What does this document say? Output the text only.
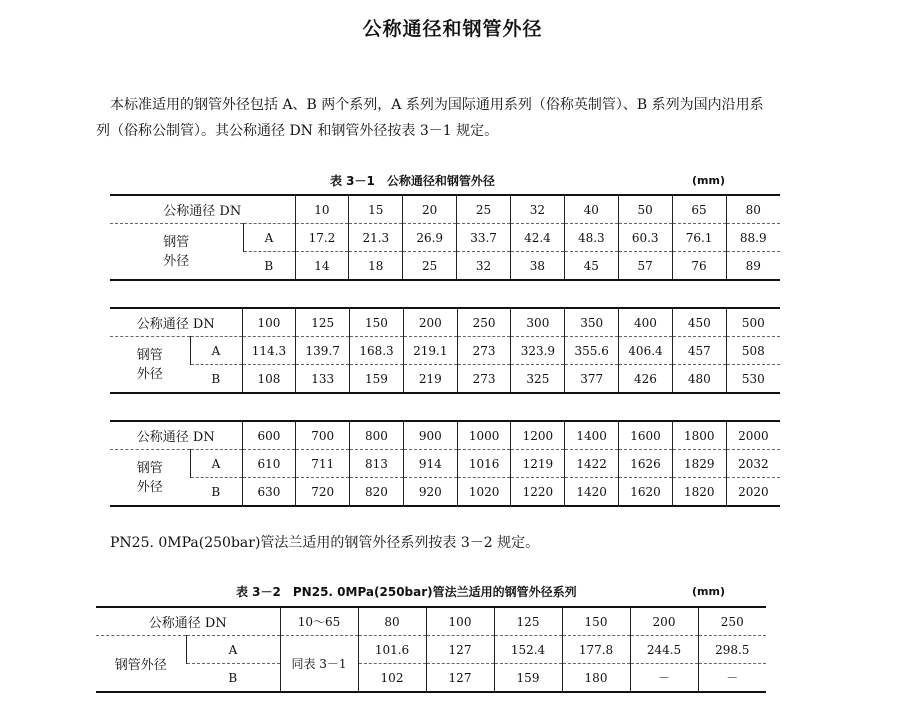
公称通径和钢管外径

本标准适用的钢管外径包括 A、B 两个系列，A 系列为国际通用系列（俗称英制管）、B 系列为国内沿用系列（俗称公制管）。其公称通径 DN 和钢管外径按表 3－1 规定。

表 3－1　公称通径和钢管外径	(mm)
公称通径 DN		10	15	20	25	32	40	50	65	80

钢管
外径	A	17.2	21.3	26.9	33.7	42.4	48.3	60.3	76.1	88.9
	B	14	18	25	32	38	45	57	76	89
公称通径 DN		100	125	150	200	250	300	350	400	450	500

钢管
外径	A	114.3	139.7	168.3	219.1	273	323.9	355.6	406.4	457	508
	B	108	133	159	219	273	325	377	426	480	530
公称通径 DN		600	700	800	900	1000	1200	1400	1600	1800	2000

钢管
外径	A	610	711	813	914	1016	1219	1422	1626	1829	2032
	B	630	720	820	920	1020	1220	1420	1620	1820	2020

PN25. 0MPa(250bar)管法兰适用的钢管外径系列按表 3－2 规定。

表 3－2　PN25. 0MPa(250bar)管法兰适用的钢管外径系列	(mm)
公称通径 DN		10～65	80	100	125	150	200	250
钢管外径	A	同表 3－1	101.6	127	152.4	177.8	244.5	298.5
	B		102	127	159	180	－	－
